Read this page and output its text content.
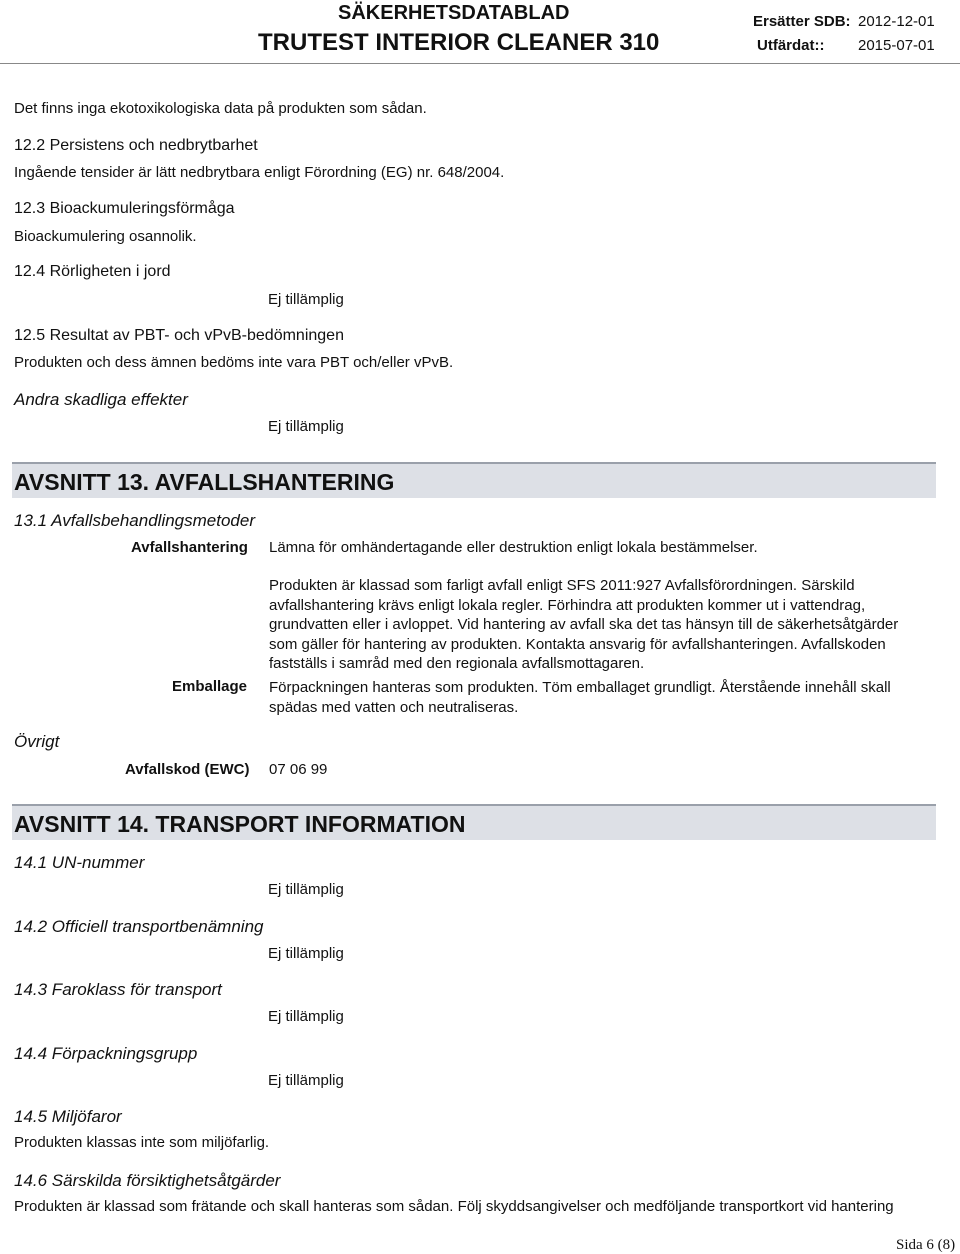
SÄKERHETSDATABLAD
TRUTEST INTERIOR CLEANER 310
Ersätter SDB: 2012-12-01
Utfärdat:: 2015-07-01
Det finns inga ekotoxikologiska data på produkten som sådan.
12.2 Persistens och nedbrytbarhet
Ingående tensider är lätt nedbrytbara enligt Förordning (EG) nr. 648/2004.
12.3 Bioackumuleringsförmåga
Bioackumulering osannolik.
12.4 Rörligheten i jord
Ej tillämplig
12.5 Resultat av PBT- och vPvB-bedömningen
Produkten och dess ämnen bedöms inte vara PBT och/eller vPvB.
Andra skadliga effekter
Ej tillämplig
AVSNITT 13. AVFALLSHANTERING
13.1 Avfallsbehandlingsmetoder
Avfallshantering Lämna för omhändertagande eller destruktion enligt lokala bestämmelser.
Produkten är klassad som farligt avfall enligt SFS 2011:927 Avfallsförordningen. Särskild avfallshantering krävs enligt lokala regler. Förhindra att produkten kommer ut i vattendrag, grundvatten eller i avloppet. Vid hantering av avfall ska det tas hänsyn till de säkerhetsåtgärder som gäller för hantering av produkten. Kontakta ansvarig för avfallshanteringen. Avfallskoden fastställs i samråd med den regionala avfallsmottagaren.
Emballage Förpackningen hanteras som produkten. Töm emballaget grundligt. Återstående innehåll skall spädas med vatten och neutraliseras.
Övrigt
Avfallskod (EWC) 07 06 99
AVSNITT 14. TRANSPORT INFORMATION
14.1 UN-nummer
Ej tillämplig
14.2 Officiell transportbenämning
Ej tillämplig
14.3 Faroklass för transport
Ej tillämplig
14.4 Förpackningsgrupp
Ej tillämplig
14.5 Miljöfaror
Produkten klassas inte som miljöfarlig.
14.6 Särskilda försiktighetsåtgärder
Produkten är klassad som frätande och skall hanteras som sådan. Följ skyddsangivelser och medföljande transportkort vid hantering
Sida 6 (8)
